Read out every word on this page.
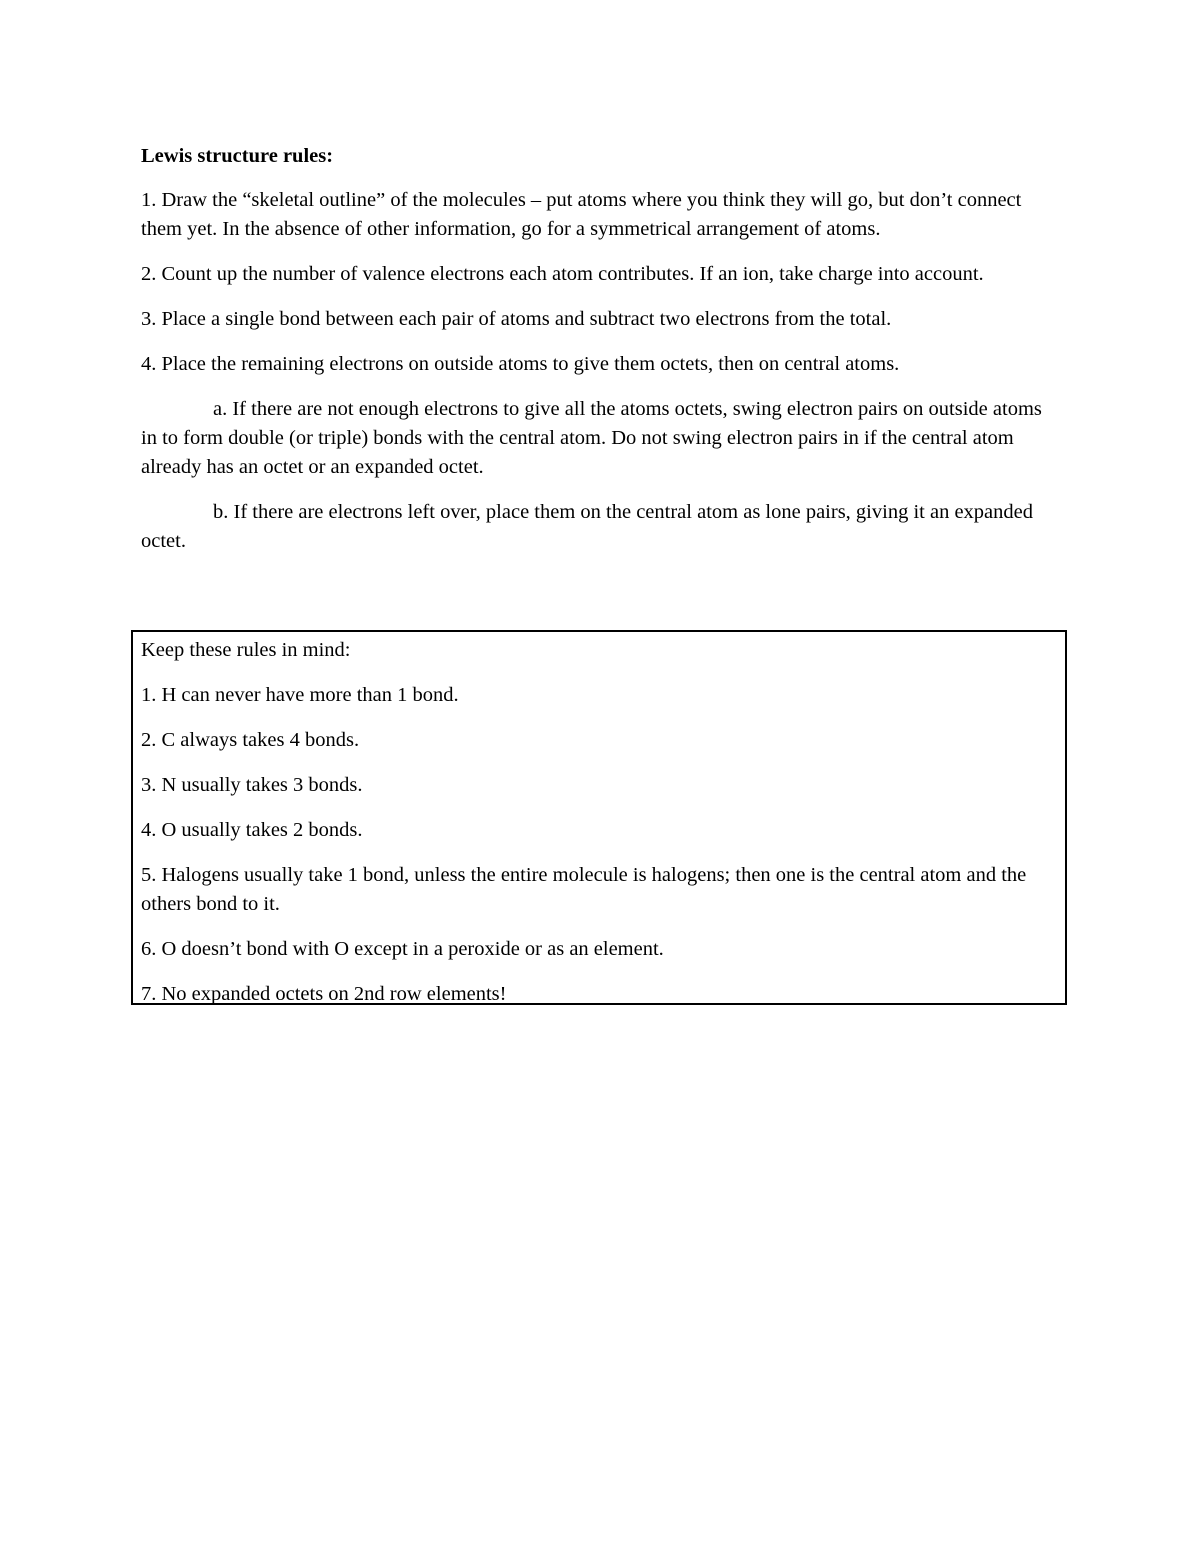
Lewis structure rules:

1. Draw the “skeletal outline” of the molecules – put atoms where you think they will go, but don’t connect them yet. In the absence of other information, go for a symmetrical arrangement of atoms.

2. Count up the number of valence electrons each atom contributes. If an ion, take charge into account.

3. Place a single bond between each pair of atoms and subtract two electrons from the total.

4. Place the remaining electrons on outside atoms to give them octets, then on central atoms.

a. If there are not enough electrons to give all the atoms octets, swing electron pairs on outside atoms in to form double (or triple) bonds with the central atom. Do not swing electron pairs in if the central atom already has an octet or an expanded octet.

b. If there are electrons left over, place them on the central atom as lone pairs, giving it an expanded octet.

Keep these rules in mind:

1. H can never have more than 1 bond.

2. C always takes 4 bonds.

3. N usually takes 3 bonds.

4. O usually takes 2 bonds.

5. Halogens usually take 1 bond, unless the entire molecule is halogens; then one is the central atom and the others bond to it.

6. O doesn’t bond with O except in a peroxide or as an element.

7. No expanded octets on 2nd row elements!
